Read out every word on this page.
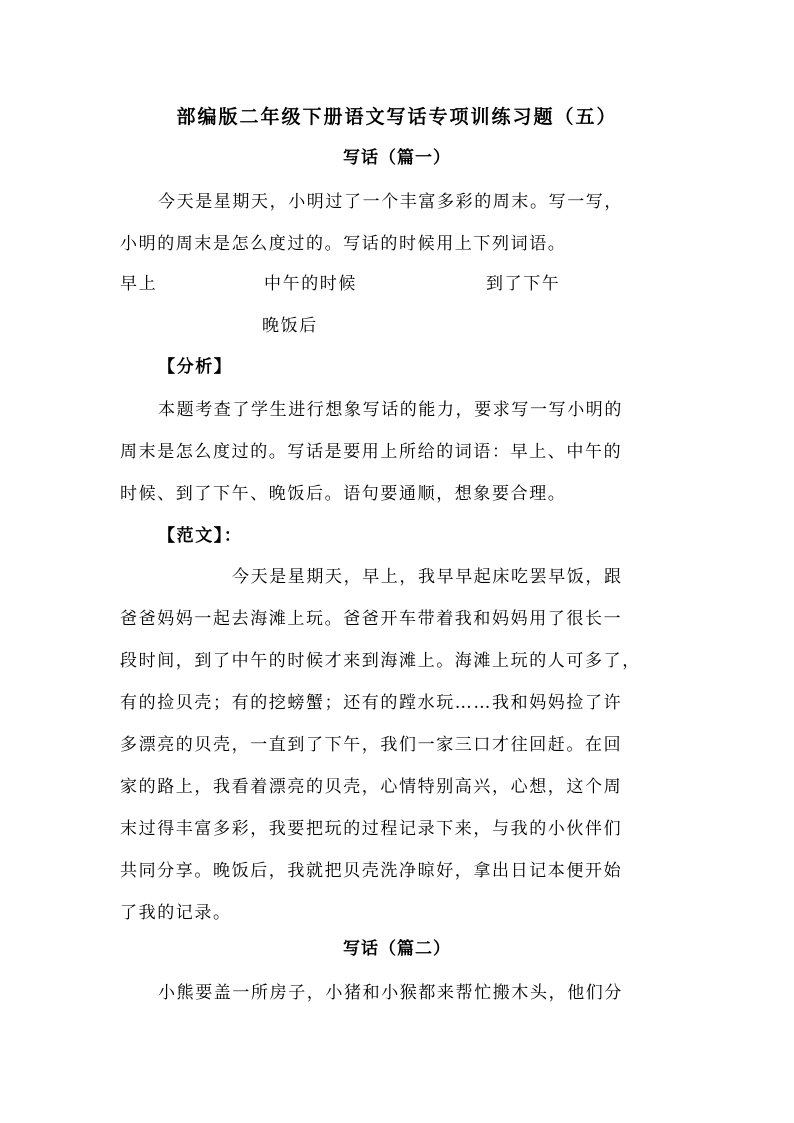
部编版二年级下册语文写话专项训练习题（五）
写话（篇一）
今天是星期天，小明过了一个丰富多彩的周末。写一写，
小明的周末是怎么度过的。写话的时候用上下列词语。
早上	中午的时候	到了下午
晚饭后
【分析】
本题考查了学生进行想象写话的能力，要求写一写小明的
周末是怎么度过的。写话是要用上所给的词语：早上、中午的
时候、到了下午、晚饭后。语句要通顺，想象要合理。
【范文】：
今天是星期天，早上，我早早起床吃罢早饭，跟
爸爸妈妈一起去海滩上玩。爸爸开车带着我和妈妈用了很长一
段时间，到了中午的时候才来到海滩上。海滩上玩的人可多了，
有的捡贝壳；有的挖螃蟹；还有的蹚水玩……我和妈妈捡了许
多漂亮的贝壳，一直到了下午，我们一家三口才往回赶。在回
家的路上，我看着漂亮的贝壳，心情特别高兴，心想，这个周
末过得丰富多彩，我要把玩的过程记录下来，与我的小伙伴们
共同分享。晚饭后，我就把贝壳洗净晾好，拿出日记本便开始
了我的记录。
写话（篇二）
小熊要盖一所房子，小猪和小猴都来帮忙搬木头，他们分
